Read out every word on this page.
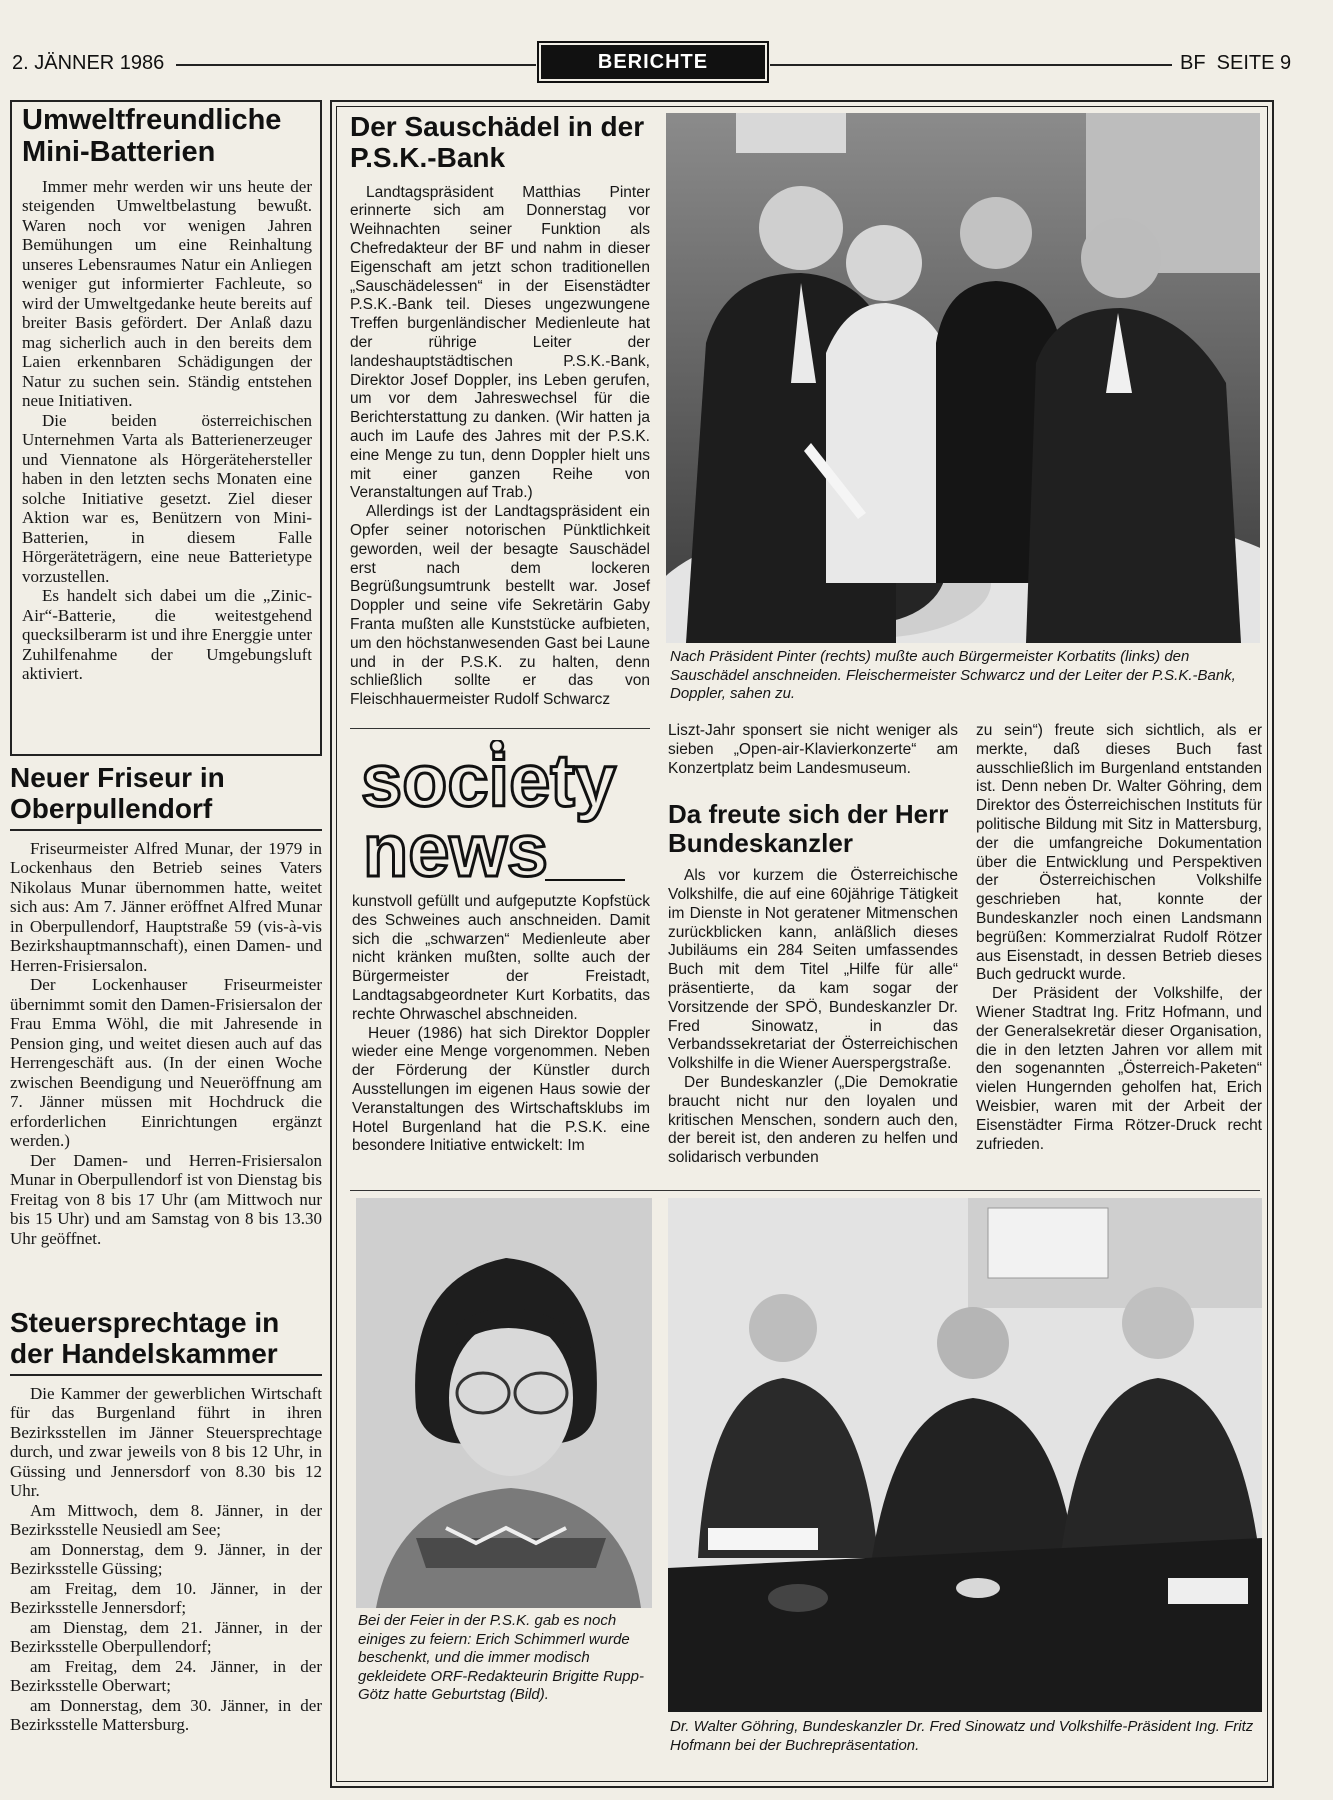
2. JÄNNER 1986	BERICHTE	BF  SEITE 9
Umweltfreundliche Mini-Batterien

Immer mehr werden wir uns heute der steigenden Umweltbelastung bewußt. Waren noch vor wenigen Jahren Bemühungen um eine Reinhaltung unseres Lebensraumes Natur ein Anliegen weniger gut informierter Fachleute, so wird der Umweltgedanke heute bereits auf breiter Basis gefördert. Der Anlaß dazu mag sicherlich auch in den bereits dem Laien erkennbaren Schädigungen der Natur zu suchen sein. Ständig entstehen neue Initiativen.

Die beiden österreichischen Unternehmen Varta als Batterienerzeuger und Viennatone als Hörgerätehersteller haben in den letzten sechs Monaten eine solche Initiative gesetzt. Ziel dieser Aktion war es, Benützern von Mini-Batterien, in diesem Falle Hörgeräteträgern, eine neue Batterietype vorzustellen.

Es handelt sich dabei um die „Zinic-Air“-Batterie, die weitestgehend quecksilberarm ist und ihre Energgie unter Zuhilfenahme der Umgebungsluft aktiviert.

Neuer Friseur in Oberpullendorf

Friseurmeister Alfred Munar, der 1979 in Lockenhaus den Betrieb seines Vaters Nikolaus Munar übernommen hatte, weitet sich aus: Am 7. Jänner eröffnet Alfred Munar in Oberpullendorf, Hauptstraße 59 (vis-à-vis Bezirkshauptmannschaft), einen Damen- und Herren-Frisiersalon.

Der Lockenhauser Friseurmeister übernimmt somit den Damen-Frisiersalon der Frau Emma Wöhl, die mit Jahresende in Pension ging, und weitet diesen auch auf das Herrengeschäft aus. (In der einen Woche zwischen Beendigung und Neueröffnung am 7. Jänner müssen mit Hochdruck die erforderlichen Einrichtungen ergänzt werden.)

Der Damen- und Herren-Frisiersalon Munar in Oberpullendorf ist von Dienstag bis Freitag von 8 bis 17 Uhr (am Mittwoch nur bis 15 Uhr) und am Samstag von 8 bis 13.30 Uhr geöffnet.

Steuersprechtage in der Handelskammer

Die Kammer der gewerblichen Wirtschaft für das Burgenland führt in ihren Bezirksstellen im Jänner Steuersprechtage durch, und zwar jeweils von 8 bis 12 Uhr, in Güssing und Jennersdorf von 8.30 bis 12 Uhr.

Am Mittwoch, dem 8. Jänner, in der Bezirksstelle Neusiedl am See;

am Donnerstag, dem 9. Jänner, in der Bezirksstelle Güssing;

am Freitag, dem 10. Jänner, in der Bezirksstelle Jennersdorf;

am Dienstag, dem 21. Jänner, in der Bezirksstelle Oberpullendorf;

am Freitag, dem 24. Jänner, in der Bezirksstelle Oberwart;

am Donnerstag, dem 30. Jänner, in der Bezirksstelle Mattersburg.

Der Sauschädel in der P.S.K.-Bank

Landtagspräsident Matthias Pinter erinnerte sich am Donnerstag vor Weihnachten seiner Funktion als Chefredakteur der BF und nahm in dieser Eigenschaft am jetzt schon traditionellen „Sauschädelessen“ in der Eisenstädter P.S.K.-Bank teil. Dieses ungezwungene Treffen burgenländischer Medienleute hat der rührige Leiter der landeshauptstädtischen P.S.K.-Bank, Direktor Josef Doppler, ins Leben gerufen, um vor dem Jahreswechsel für die Berichterstattung zu danken. (Wir hatten ja auch im Laufe des Jahres mit der P.S.K. eine Menge zu tun, denn Doppler hielt uns mit einer ganzen Reihe von Veranstaltungen auf Trab.)

Allerdings ist der Landtagspräsident ein Opfer seiner notorischen Pünktlichkeit geworden, weil der besagte Sauschädel erst nach dem lockeren Begrüßungsumtrunk bestellt war. Josef Doppler und seine vife Sekretärin Gaby Franta mußten alle Kunststücke aufbieten, um den höchstanwesenden Gast bei Laune und in der P.S.K. zu halten, denn schließlich sollte er das von Fleischhauermeister Rudolf Schwarcz

Nach Präsident Pinter (rechts) mußte auch Bürgermeister Korbatits (links) den Sauschädel anschneiden. Fleischermeister Schwarcz und der Leiter der P.S.K.-Bank, Doppler, sahen zu.
society
news

kunstvoll gefüllt und aufgeputzte Kopfstück des Schweines auch anschneiden. Damit sich die „schwarzen“ Medienleute aber nicht kränken mußten, sollte auch der Bürgermeister der Freistadt, Landtagsabgeordneter Kurt Korbatits, das rechte Ohrwaschel abschneiden.

Heuer (1986) hat sich Direktor Doppler wieder eine Menge vorgenommen. Neben der Förderung der Künstler durch Ausstellungen im eigenen Haus sowie der Veranstaltungen des Wirtschaftsklubs im Hotel Burgenland hat die P.S.K. eine besondere Initiative entwickelt: Im

Liszt-Jahr sponsert sie nicht weniger als sieben „Open-air-Klavierkonzerte“ am Konzertplatz beim Landesmuseum.

Da freute sich der Herr Bundeskanzler

Als vor kurzem die Österreichische Volkshilfe, die auf eine 60jährige Tätigkeit im Dienste in Not geratener Mitmenschen zurückblicken kann, anläßlich dieses Jubiläums ein 284 Seiten umfassendes Buch mit dem Titel „Hilfe für alle“ präsentierte, da kam sogar der Vorsitzende der SPÖ, Bundeskanzler Dr. Fred Sinowatz, in das Verbandssekretariat der Österreichischen Volkshilfe in die Wiener Auerspergstraße.

Der Bundeskanzler („Die Demokratie braucht nicht nur den loyalen und kritischen Menschen, sondern auch den, der bereit ist, den anderen zu helfen und solidarisch verbunden

zu sein“) freute sich sichtlich, als er merkte, daß dieses Buch fast ausschließlich im Burgenland entstanden ist. Denn neben Dr. Walter Göhring, dem Direktor des Österreichischen Instituts für politische Bildung mit Sitz in Mattersburg, der die umfangreiche Dokumentation über die Entwicklung und Perspektiven der Österreichischen Volkshilfe geschrieben hat, konnte der Bundeskanzler noch einen Landsmann begrüßen: Kommerzialrat Rudolf Rötzer aus Eisenstadt, in dessen Betrieb dieses Buch gedruckt wurde.

Der Präsident der Volkshilfe, der Wiener Stadtrat Ing. Fritz Hofmann, und der Generalsekretär dieser Organisation, die in den letzten Jahren vor allem mit den sogenannten „Österreich-Paketen“ vielen Hungernden geholfen hat, Erich Weisbier, waren mit der Arbeit der Eisenstädter Firma Rötzer-Druck recht zufrieden.

Bei der Feier in der P.S.K. gab es noch einiges zu feiern: Erich Schimmerl wurde beschenkt, und die immer modisch gekleidete ORF-Redakteurin Brigitte Rupp-Götz hatte Geburtstag (Bild).
Dr. Walter Göhring, Bundeskanzler Dr. Fred Sinowatz und Volkshilfe-Präsident Ing. Fritz Hofmann bei der Buchrepräsentation.
